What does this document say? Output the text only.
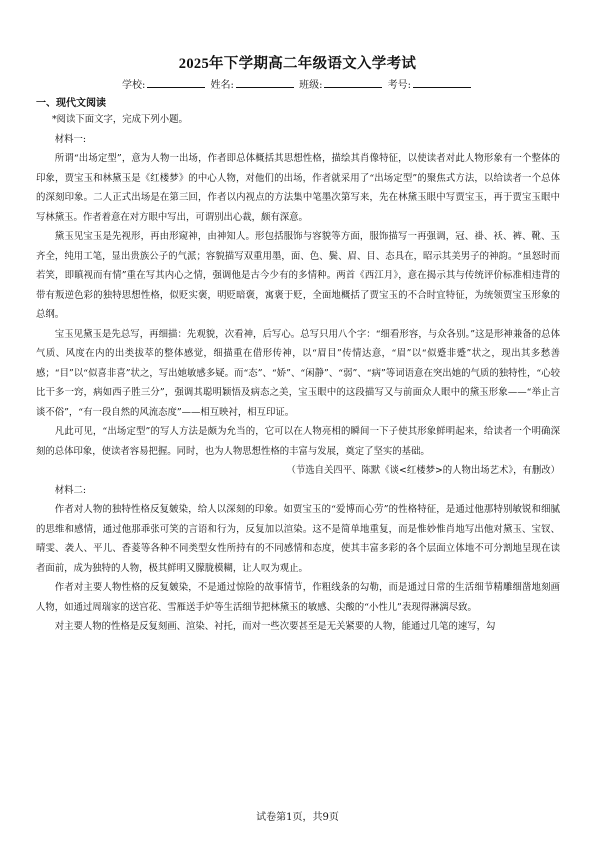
2025年下学期高二年级语文入学考试
学校:	姓名:	班级:	考号:
一、现代文阅读

*阅读下面文字，完成下列小题。

材料一:

所谓“出场定型”，意为人物一出场，作者即总体概括其思想性格，描绘其肖像特征，以使读者对此人物形象有一个整体的印象，贾宝玉和林黛玉是《红楼梦》的中心人物，对他们的出场，作者就采用了“出场定型”的聚焦式方法，以给读者一个总体的深刻印象。二人正式出场是在第三回，作者以内视点的方法集中笔墨次第写来，先在林黛玉眼中写贾宝玉，再于贾宝玉眼中写林黛玉。作者着意在对方眼中写出，可谓别出心裁，颇有深意。

黛玉见宝玉是先视形，再由形窥神，由神知人。形包括服饰与容貌等方面，服饰描写一再强调，冠、褂、袄、裤、靴、玉齐全，纯用工笔，显出贵族公子的气派；容貌描写双重用墨，面、色、鬓、眉、目、态具在，昭示其美男子的神韵。“虽怒时而若笑，即瞋视而有情”重在写其内心之情，强调他是古今少有的多情种。两首《西江月》，意在揭示其与传统评价标准相违背的带有叛逆色彩的独特思想性格，似贬实褒，明贬暗褒，寓褒于贬，全面地概括了贾宝玉的不合时宜特征，为统领贾宝玉形象的总纲。

宝玉见黛玉是先总写，再细描：先观貌，次看神，后写心。总写只用八个字：“细看形容，与众各别。”这是形神兼备的总体气质、风度在内的出类拔萃的整体感觉，细描重在借形传神，以“眉目”传情达意，“眉”以“似蹙非蹙”状之，现出其多愁善感；“目”以“似喜非喜”状之，写出她敏感多疑。而“态”、“娇”、“闲静”、“弱”、“病”等词语意在突出她的气质的独特性，“心较比干多一窍，病如西子胜三分”，强调其聪明颖悟及病态之美，宝玉眼中的这段描写又与前面众人眼中的黛玉形象——“举止言谈不俗”，“有一段自然的风流态度”——相互映衬，相互印证。

凡此可见，“出场定型”的写人方法是颇为允当的，它可以在人物亮相的瞬间一下子使其形象鲜明起来，给读者一个明确深刻的总体印象，使读者容易把握。同时，也为人物思想性格的丰富与发展，奠定了坚实的基础。

（节选自关四平、陈默《谈<红楼梦>的人物出场艺术》，有删改）

材料二:

作者对人物的独特性格反复皴染，给人以深刻的印象。如贾宝玉的“爱博而心劳”的性格特征，是通过他那特别敏锐和细腻的思维和感情，通过他那乖张可笑的言语和行为，反复加以渲染。这不是简单地重复，而是惟妙惟肖地写出他对黛玉、宝钗、晴雯、袭人、平儿、香菱等各种不同类型女性所持有的不同感情和态度，使其丰富多彩的各个层面立体地不可分割地呈现在读者面前，成为独特的人物，极其鲜明又朦胧模糊，让人叹为观止。

作者对主要人物性格的反复皴染，不是通过惊险的故事情节，作粗线条的勾勒，而是通过日常的生活细节精雕细凿地刻画人物，如通过周瑞家的送宫花、雪雁送手炉等生活细节把林黛玉的敏感、尖酸的“小性儿”表现得淋漓尽致。

对主要人物的性格是反复刻画、渲染、衬托，而对一些次要甚至是无关紧要的人物，能通过几笔的速写，勾

试卷第1页，共9页
